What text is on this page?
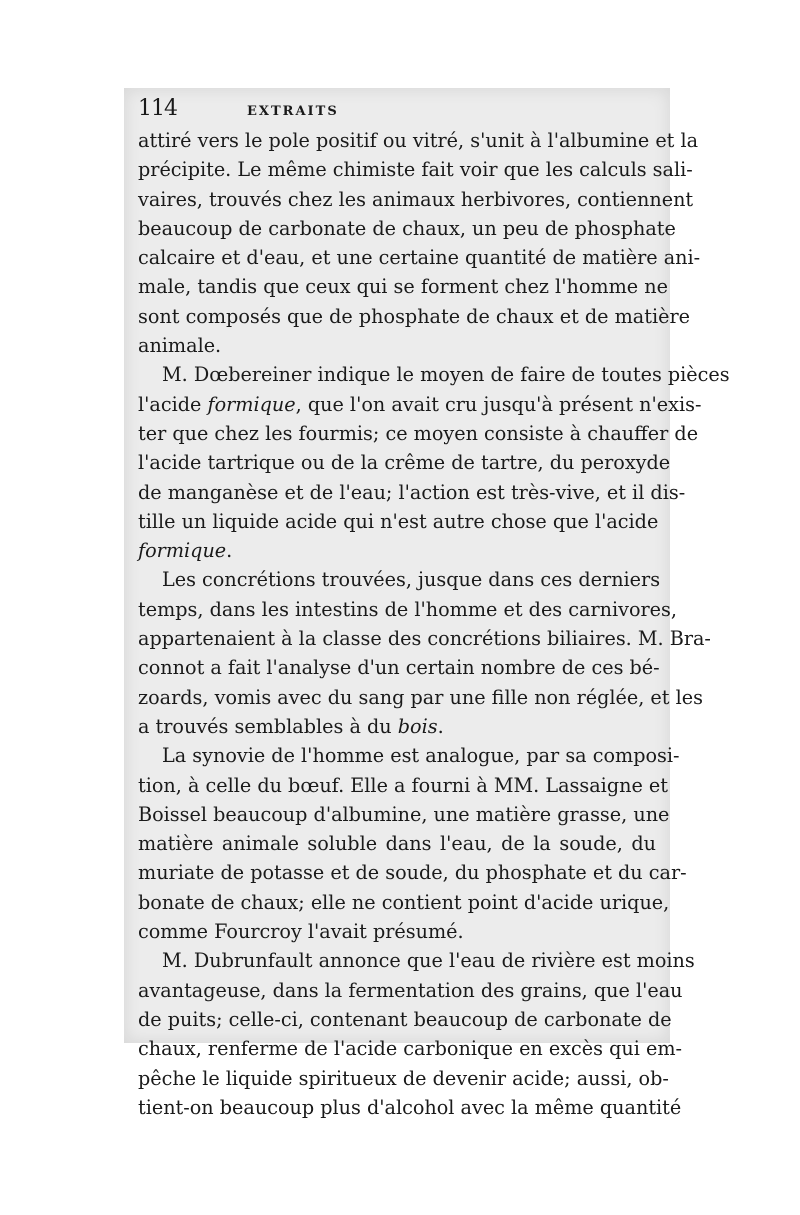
114	EXTRAITS
attiré vers le pole positif ou vitré, s'unit à l'albumine et la
précipite. Le même chimiste fait voir que les calculs sali-
vaires, trouvés chez les animaux herbivores, contiennent
beaucoup de carbonate de chaux, un peu de phosphate
calcaire et d'eau, et une certaine quantité de matière ani-
male, tandis que ceux qui se forment chez l'homme ne
sont composés que de phosphate de chaux et de matière
animale.
M. Dœbereiner indique le moyen de faire de toutes pièces
l'acide formique, que l'on avait cru jusqu'à présent n'exis-
ter que chez les fourmis; ce moyen consiste à chauffer de
l'acide tartrique ou de la crême de tartre, du peroxyde
de manganèse et de l'eau; l'action est très-vive, et il dis-
tille un liquide acide qui n'est autre chose que l'acide
formique.
Les concrétions trouvées, jusque dans ces derniers
temps, dans les intestins de l'homme et des carnivores,
appartenaient à la classe des concrétions biliaires. M. Bra-
connot a fait l'analyse d'un certain nombre de ces bé-
zoards, vomis avec du sang par une fille non réglée, et les
a trouvés semblables à du bois.
La synovie de l'homme est analogue, par sa composi-
tion, à celle du bœuf. Elle a fourni à MM. Lassaigne et
Boissel beaucoup d'albumine, une matière grasse, une
matière animale soluble dans l'eau, de la soude, du
muriate de potasse et de soude, du phosphate et du car-
bonate de chaux; elle ne contient point d'acide urique,
comme Fourcroy l'avait présumé.
M. Dubrunfault annonce que l'eau de rivière est moins
avantageuse, dans la fermentation des grains, que l'eau
de puits; celle-ci, contenant beaucoup de carbonate de
chaux, renferme de l'acide carbonique en excès qui em-
pêche le liquide spiritueux de devenir acide; aussi, ob-
tient-on beaucoup plus d'alcohol avec la même quantité
